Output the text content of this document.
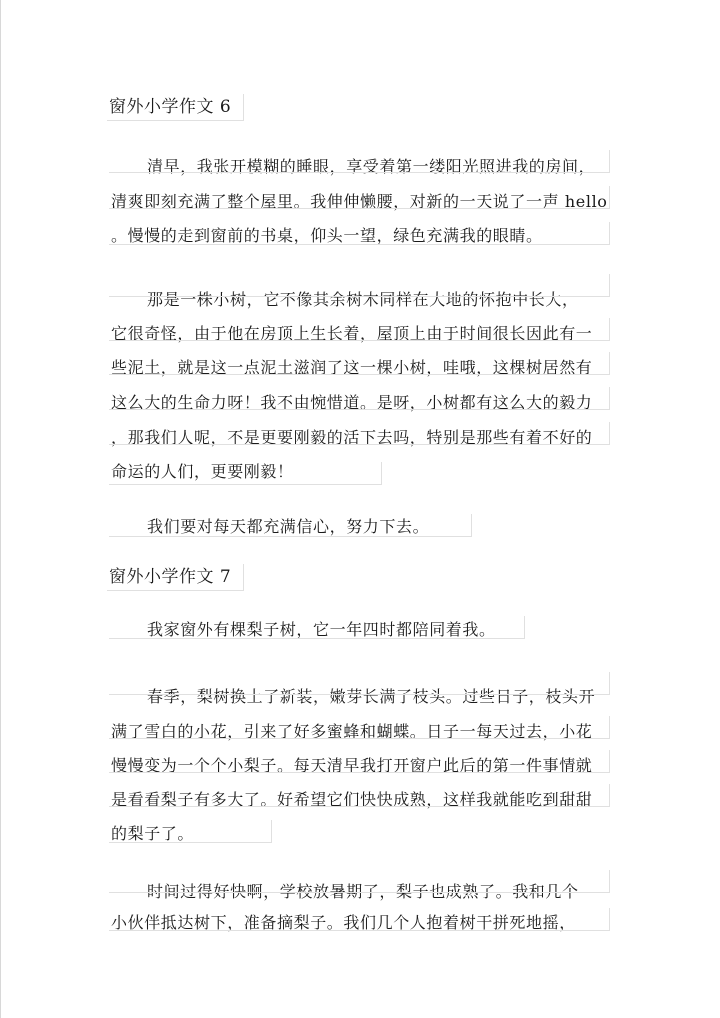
窗外小学作文 6
清早，我张开模糊的睡眼，享受着第一缕阳光照进我的房间，
清爽即刻充满了整个屋里。我伸伸懒腰，对新的一天说了一声 hello
。慢慢的走到窗前的书桌，仰头一望，绿色充满我的眼睛。
那是一株小树，它不像其余树木同样在大地的怀抱中长大，
它很奇怪，由于他在房顶上生长着，屋顶上由于时间很长因此有一
些泥土，就是这一点泥土滋润了这一棵小树，哇哦，这棵树居然有
这么大的生命力呀！我不由惋惜道。是呀，小树都有这么大的毅力
，那我们人呢，不是更要刚毅的活下去吗，特别是那些有着不好的
命运的人们，更要刚毅！
我们要对每天都充满信心，努力下去。
窗外小学作文 7
我家窗外有棵梨子树，它一年四时都陪同着我。
春季，梨树换上了新装，嫩芽长满了枝头。过些日子，枝头开
满了雪白的小花，引来了好多蜜蜂和蝴蝶。日子一每天过去，小花
慢慢变为一个个小梨子。每天清早我打开窗户此后的第一件事情就
是看看梨子有多大了。好希望它们快快成熟，这样我就能吃到甜甜
的梨子了。
时间过得好快啊，学校放暑期了，梨子也成熟了。我和几个
小伙伴抵达树下，准备摘梨子。我们几个人抱着树干拼死地摇，
